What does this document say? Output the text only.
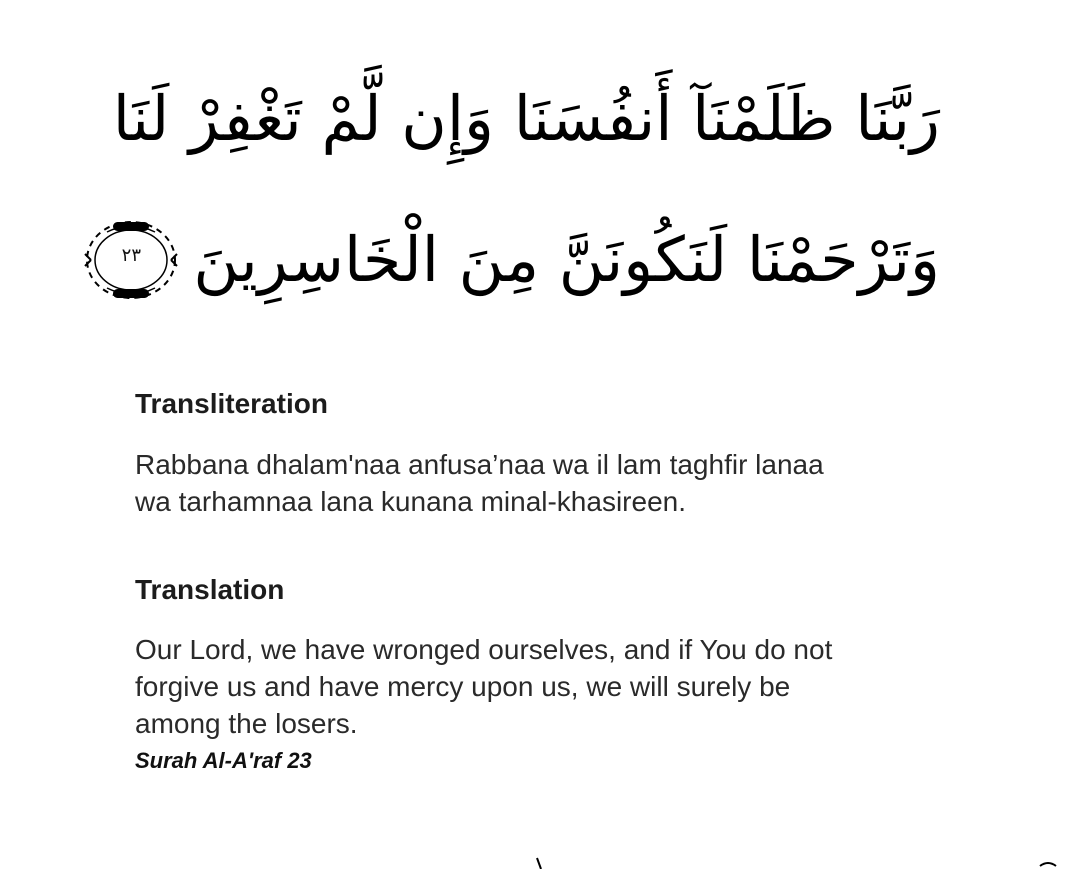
رَبَّنَا ظَلَمْنَآ أَنفُسَنَا وَإِن لَّمْ تَغْفِرْ لَنَا
وَتَرْحَمْنَا لَنَكُونَنَّ مِنَ الْخَاسِرِينَ
٢٣
Transliteration
Rabbana dhalam'naa anfusa’naa wa il lam taghfir lanaa
wa tarhamnaa lana kunana minal-khasireen.
Translation
Our Lord, we have wronged ourselves, and if You do not
forgive us and have mercy upon us, we will surely be
among the losers.

Surah Al-A'raf 23
